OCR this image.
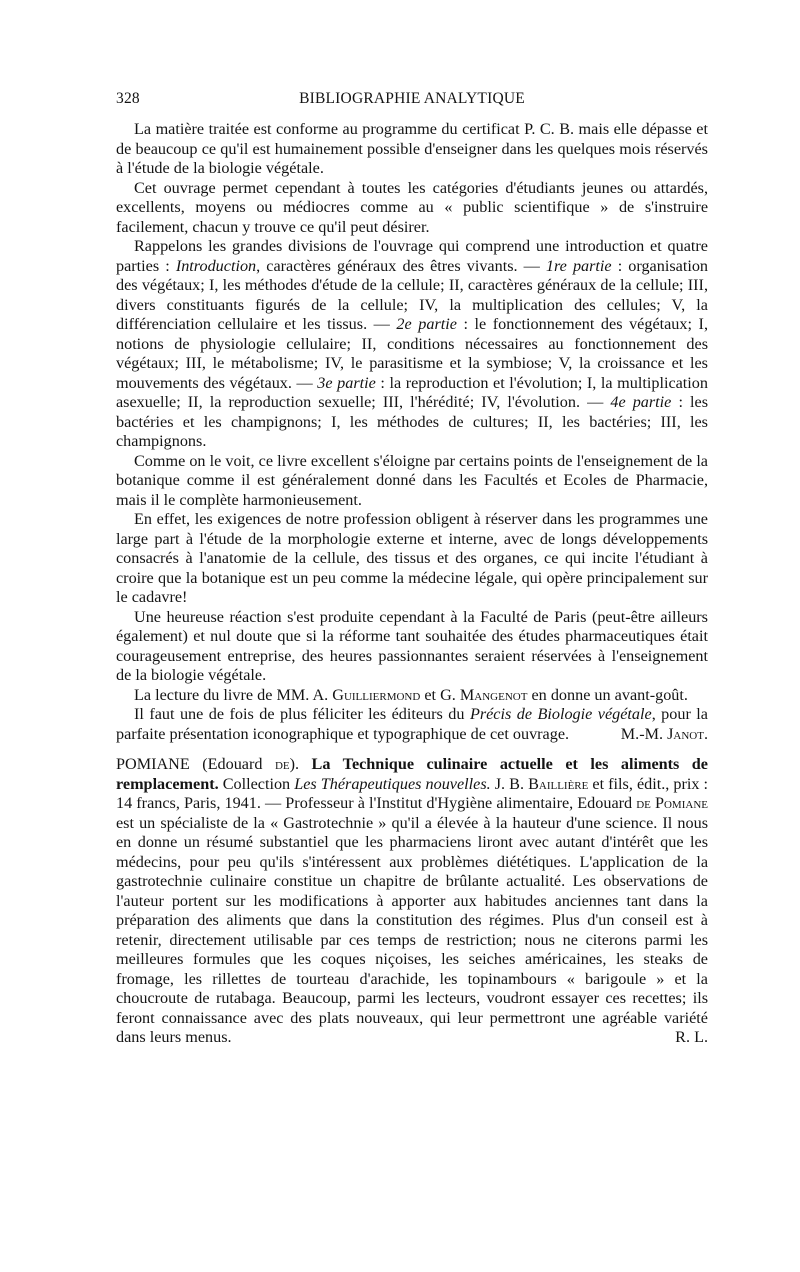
328	BIBLIOGRAPHIE ANALYTIQUE

La matière traitée est conforme au programme du certificat P. C. B. mais elle dépasse et de beaucoup ce qu'il est humainement possible d'enseigner dans les quelques mois réservés à l'étude de la biologie végétale.

Cet ouvrage permet cependant à toutes les catégories d'étudiants jeunes ou attardés, excellents, moyens ou médiocres comme au « public scientifique » de s'instruire facilement, chacun y trouve ce qu'il peut désirer.

Rappelons les grandes divisions de l'ouvrage qui comprend une introduction et quatre parties : Introduction, caractères généraux des êtres vivants. — 1re partie : organisation des végétaux; I, les méthodes d'étude de la cellule; II, caractères généraux de la cellule; III, divers constituants figurés de la cellule; IV, la multiplication des cellules; V, la différenciation cellulaire et les tissus. — 2e partie : le fonctionnement des végétaux; I, notions de physiologie cellulaire; II, conditions nécessaires au fonctionnement des végétaux; III, le métabolisme; IV, le parasitisme et la symbiose; V, la croissance et les mouvements des végétaux. — 3e partie : la reproduction et l'évolution; I, la multiplication asexuelle; II, la reproduction sexuelle; III, l'hérédité; IV, l'évolution. — 4e partie : les bactéries et les champignons; I, les méthodes de cultures; II, les bactéries; III, les champignons.

Comme on le voit, ce livre excellent s'éloigne par certains points de l'enseignement de la botanique comme il est généralement donné dans les Facultés et Ecoles de Pharmacie, mais il le complète harmonieusement.

En effet, les exigences de notre profession obligent à réserver dans les programmes une large part à l'étude de la morphologie externe et interne, avec de longs développements consacrés à l'anatomie de la cellule, des tissus et des organes, ce qui incite l'étudiant à croire que la botanique est un peu comme la médecine légale, qui opère principalement sur le cadavre!

Une heureuse réaction s'est produite cependant à la Faculté de Paris (peut-être ailleurs également) et nul doute que si la réforme tant souhaitée des études pharmaceutiques était courageusement entreprise, des heures passionnantes seraient réservées à l'enseignement de la biologie végétale.

La lecture du livre de MM. A. Guilliermond et G. Mangenot en donne un avant-goût.

Il faut une de fois de plus féliciter les éditeurs du Précis de Biologie végétale, pour la parfaite présentation iconographique et typographique de cet ouvrage.	M.-M. Janot.

POMIANE (Edouard de). La Technique culinaire actuelle et les aliments de remplacement. Collection Les Thérapeutiques nouvelles. J. B. Baillière et fils, édit., prix : 14 francs, Paris, 1941. — Professeur à l'Institut d'Hygiène alimentaire, Edouard de Pomiane est un spécialiste de la « Gastrotechnie » qu'il a élevée à la hauteur d'une science. Il nous en donne un résumé substantiel que les pharmaciens liront avec autant d'intérêt que les médecins, pour peu qu'ils s'intéressent aux problèmes diététiques. L'application de la gastrotechnie culinaire constitue un chapitre de brûlante actualité. Les observations de l'auteur portent sur les modifications à apporter aux habitudes anciennes tant dans la préparation des aliments que dans la constitution des régimes. Plus d'un conseil est à retenir, directement utilisable par ces temps de restriction; nous ne citerons parmi les meilleures formules que les coques niçoises, les seiches américaines, les steaks de fromage, les rillettes de tourteau d'arachide, les topinambours « barigoule » et la choucroute de rutabaga. Beaucoup, parmi les lecteurs, voudront essayer ces recettes; ils feront connaissance avec des plats nouveaux, qui leur permettront une agréable variété dans leurs menus.	R. L.
